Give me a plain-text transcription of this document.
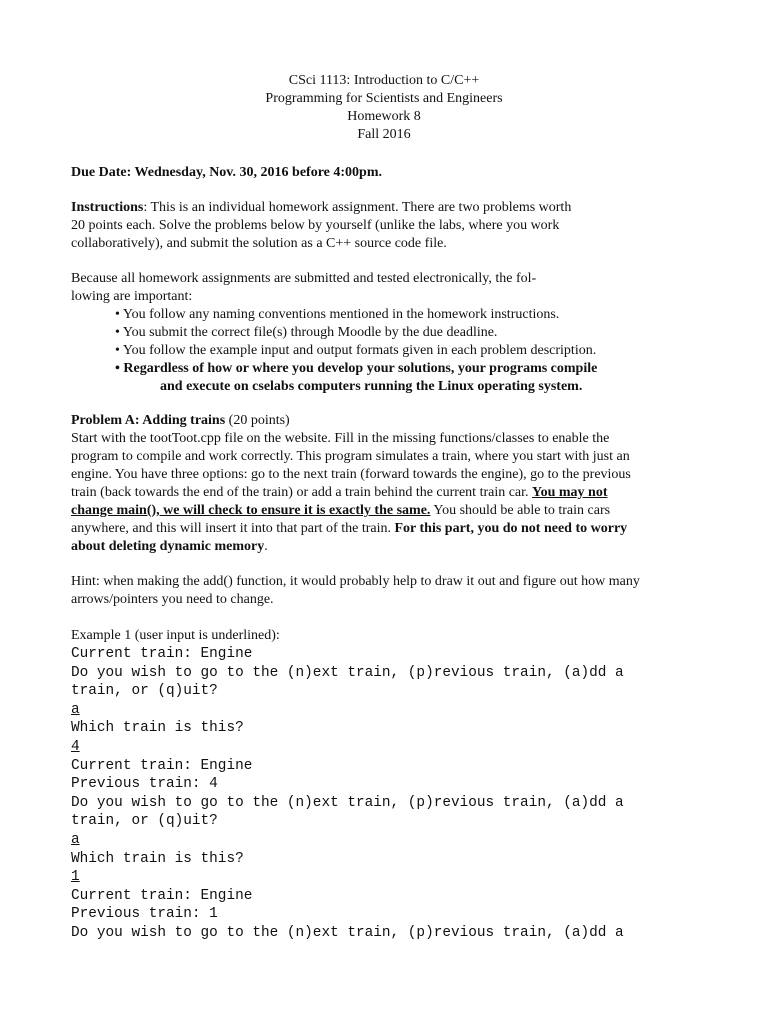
CSci 1113: Introduction to C/C++
Programming for Scientists and Engineers
Homework 8
Fall 2016
Due Date: Wednesday, Nov. 30, 2016 before 4:00pm.
Instructions: This is an individual homework assignment. There are two problems worth
20 points each. Solve the problems below by yourself (unlike the labs, where you work
collaboratively), and submit the solution as a C++ source code file.
Because all homework assignments are submitted and tested electronically, the fol-
lowing are important:
• You follow any naming conventions mentioned in the homework instructions.
• You submit the correct file(s) through Moodle by the due deadline.
• You follow the example input and output formats given in each problem description.
• Regardless of how or where you develop your solutions, your programs compile
and execute on cselabs computers running the Linux operating system.
Problem A: Adding trains (20 points)
Start with the tootToot.cpp file on the website. Fill in the missing functions/classes to enable the
program to compile and work correctly. This program simulates a train, where you start with just an
engine. You have three options: go to the next train (forward towards the engine), go to the previous
train (back towards the end of the train) or add a train behind the current train car. You may not
change main(), we will check to ensure it is exactly the same. You should be able to train cars
anywhere, and this will insert it into that part of the train. For this part, you do not need to worry
about deleting dynamic memory.
Hint: when making the add() function, it would probably help to draw it out and figure out how many
arrows/pointers you need to change.
Example 1 (user input is underlined):
Current train: Engine
Do you wish to go to the (n)ext train, (p)revious train, (a)dd a
train, or (q)uit?
a
Which train is this?
4
Current train: Engine
Previous train: 4
Do you wish to go to the (n)ext train, (p)revious train, (a)dd a
train, or (q)uit?
a
Which train is this?
1
Current train: Engine
Previous train: 1
Do you wish to go to the (n)ext train, (p)revious train, (a)dd a
